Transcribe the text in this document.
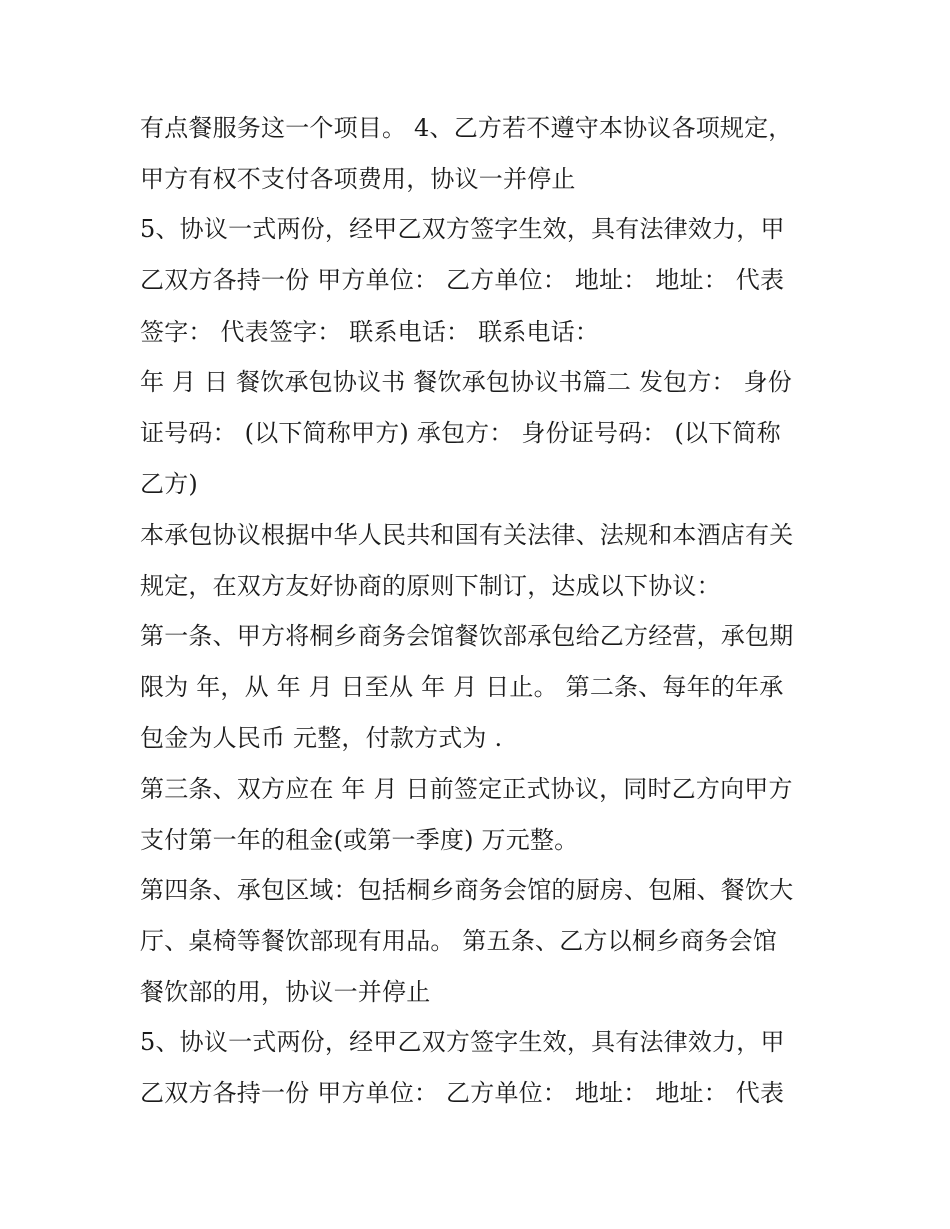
有点餐服务这一个项目。 4、乙方若不遵守本协议各项规定，
甲方有权不支付各项费用，协议一并停止
5、协议一式两份，经甲乙双方签字生效，具有法律效力，甲
乙双方各持一份 甲方单位： 乙方单位： 地址： 地址： 代表
签字： 代表签字： 联系电话： 联系电话：
年 月 日 餐饮承包协议书 餐饮承包协议书篇二 发包方： 身份
证号码： (以下简称甲方) 承包方： 身份证号码： (以下简称
乙方)
本承包协议根据中华人民共和国有关法律、法规和本酒店有关
规定，在双方友好协商的原则下制订，达成以下协议：
第一条、甲方将桐乡商务会馆餐饮部承包给乙方经营，承包期
限为 年，从 年 月 日至从 年 月 日止。 第二条、每年的年承
包金为人民币 元整，付款方式为 .
第三条、双方应在 年 月 日前签定正式协议，同时乙方向甲方
支付第一年的租金(或第一季度) 万元整。
第四条、承包区域：包括桐乡商务会馆的厨房、包厢、餐饮大
厅、桌椅等餐饮部现有用品。 第五条、乙方以桐乡商务会馆
餐饮部的用，协议一并停止
5、协议一式两份，经甲乙双方签字生效，具有法律效力，甲
乙双方各持一份 甲方单位： 乙方单位： 地址： 地址： 代表
